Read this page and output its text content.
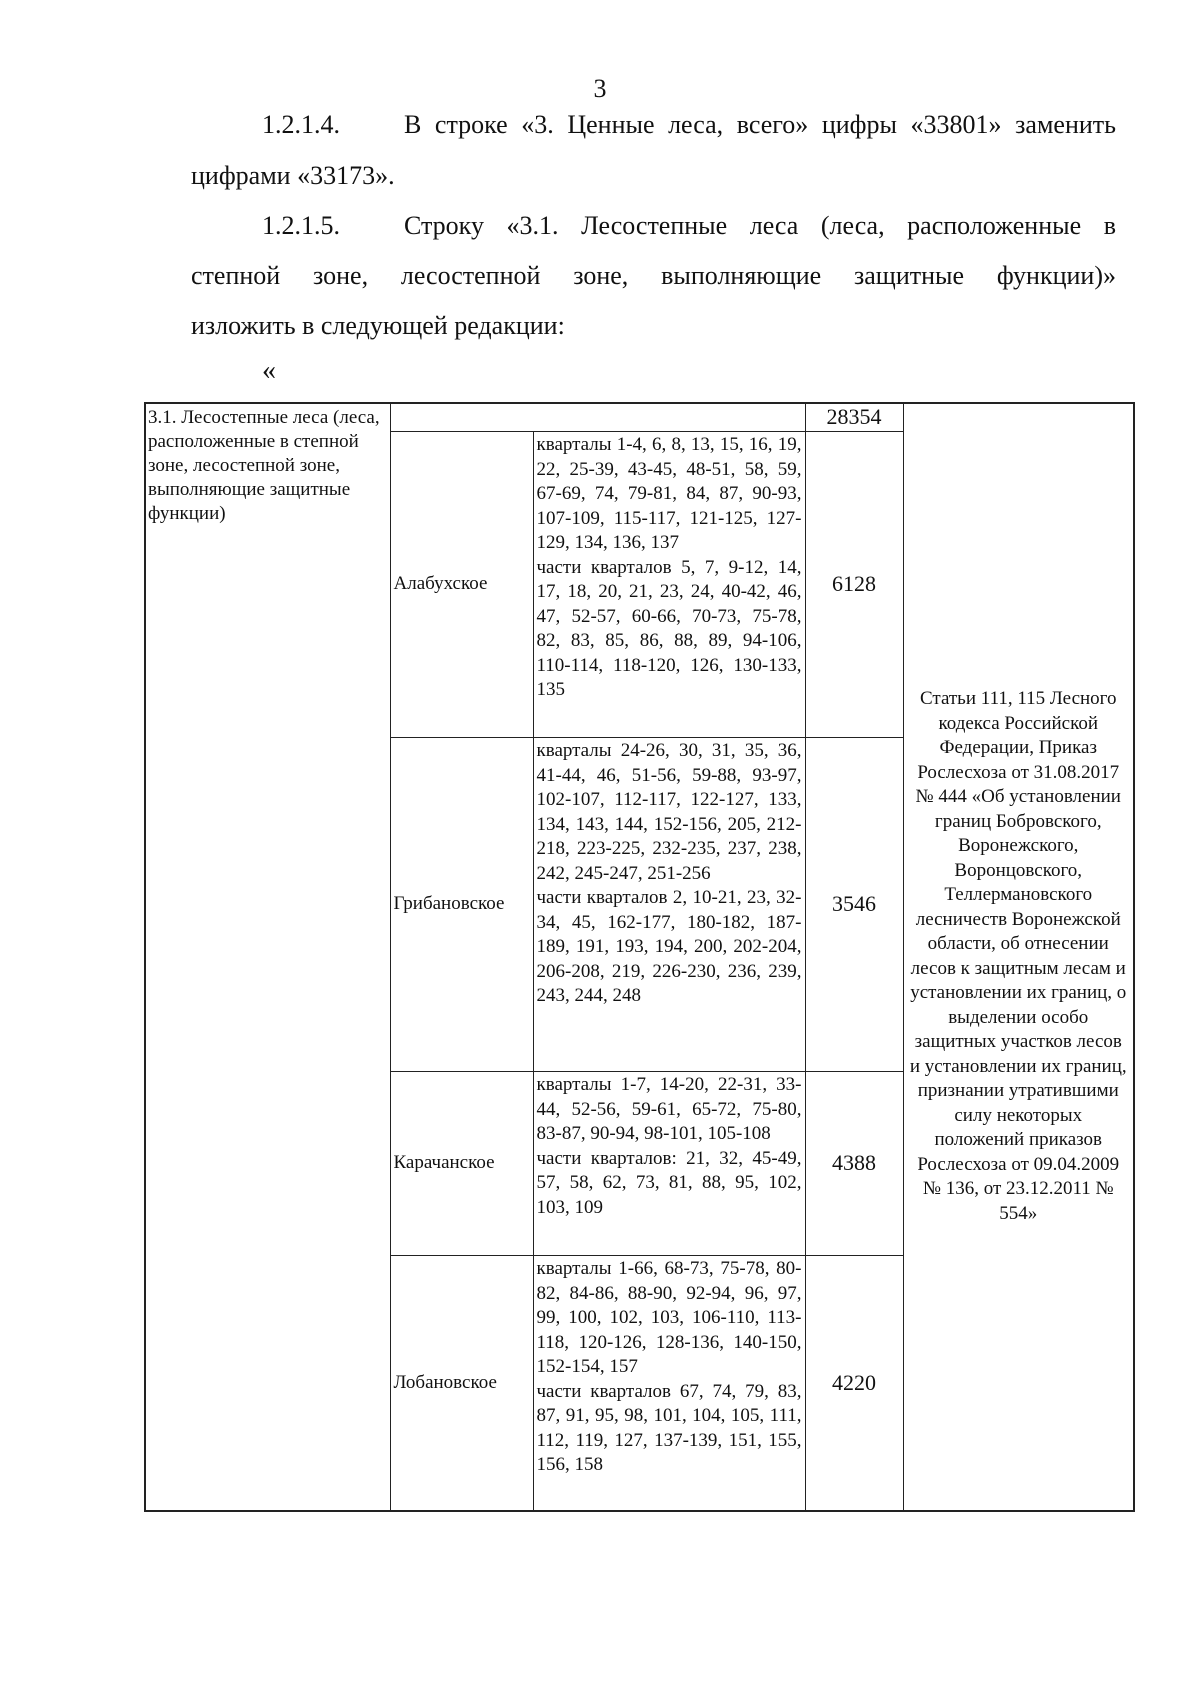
3
1.2.1.4. В строке «3. Ценные леса, всего» цифры «33801» заменить
цифрами «33173».
1.2.1.5. Строку «3.1. Лесостепные леса (леса, расположенные в
степной зоне, лесостепной зоне, выполняющие защитные функции)»
изложить в следующей редакции:
«
3.1. Лесостепные леса (леса, расположенные в степной зоне, лесостепной зоне, выполняющие защитные функции)			28354	Статьи 111, 115 Лесного кодекса Российской Федерации, Приказ Рослесхоза от 31.08.2017 № 444 «Об установлении границ Бобровского, Воронежского, Воронцовского, Теллермановского лесничеств Воронежской области, об отнесении лесов к защитным лесам и установлении их границ, о выделении особо защитных участков лесов и установлении их границ, признании утратившими силу некоторых положений приказов Рослесхоза от 09.04.2009 № 136, от 23.12.2011 № 554»
	Алабухское	кварталы 1-4, 6, 8, 13, 15, 16, 19, 22, 25-39, 43-45, 48-51, 58, 59, 67-69, 74, 79-81, 84, 87, 90-93, 107-109, 115-117, 121-125, 127-129, 134, 136, 137
части кварталов 5, 7, 9-12, 14, 17, 18, 20, 21, 23, 24, 40-42, 46, 47, 52-57, 60-66, 70-73, 75-78, 82, 83, 85, 86, 88, 89, 94-106, 110-114, 118-120, 126, 130-133, 135	6128	
	Грибановское	кварталы 24-26, 30, 31, 35, 36, 41-44, 46, 51-56, 59-88, 93-97, 102-107, 112-117, 122-127, 133, 134, 143, 144, 152-156, 205, 212-218, 223-225, 232-235, 237, 238, 242, 245-247, 251-256
части кварталов 2, 10-21, 23, 32-34, 45, 162-177, 180-182, 187-189, 191, 193, 194, 200, 202-204, 206-208, 219, 226-230, 236, 239, 243, 244, 248	3546	
	Карачанское	кварталы 1-7, 14-20, 22-31, 33-44, 52-56, 59-61, 65-72, 75-80, 83-87, 90-94, 98-101, 105-108
части кварталов: 21, 32, 45-49, 57, 58, 62, 73, 81, 88, 95, 102, 103, 109	4388	
	Лобановское	кварталы 1-66, 68-73, 75-78, 80-82, 84-86, 88-90, 92-94, 96, 97, 99, 100, 102, 103, 106-110, 113-118, 120-126, 128-136, 140-150, 152-154, 157
части кварталов 67, 74, 79, 83, 87, 91, 95, 98, 101, 104, 105, 111, 112, 119, 127, 137-139, 151, 155, 156, 158	4220	
